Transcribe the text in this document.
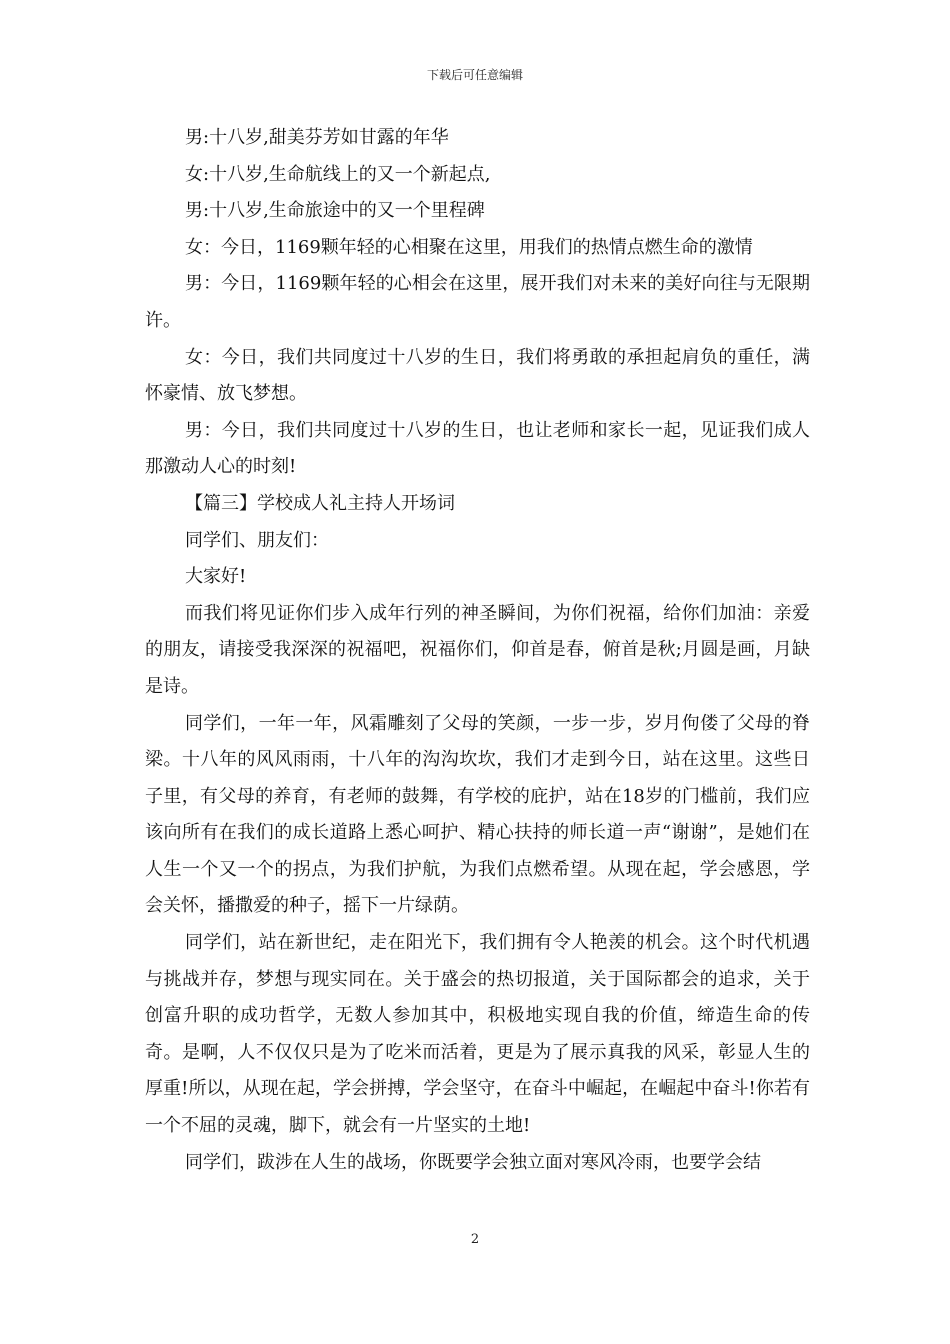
下载后可任意编辑

男:十八岁,甜美芬芳如甘露的年华

女:十八岁,生命航线上的又一个新起点,

男:十八岁,生命旅途中的又一个里程碑

女：今日，1169颗年轻的心相聚在这里，用我们的热情点燃生命的激情

男：今日，1169颗年轻的心相会在这里，展开我们对未来的美好向往与无限期许。

女：今日，我们共同度过十八岁的生日，我们将勇敢的承担起肩负的重任，满怀豪情、放飞梦想。

男：今日，我们共同度过十八岁的生日，也让老师和家长一起，见证我们成人那激动人心的时刻!

【篇三】学校成人礼主持人开场词

同学们、朋友们：

大家好!

而我们将见证你们步入成年行列的神圣瞬间，为你们祝福，给你们加油：亲爱的朋友，请接受我深深的祝福吧，祝福你们，仰首是春，俯首是秋;月圆是画，月缺是诗。

同学们，一年一年，风霜雕刻了父母的笑颜，一步一步，岁月佝偻了父母的脊梁。十八年的风风雨雨，十八年的沟沟坎坎，我们才走到今日，站在这里。这些日子里，有父母的养育，有老师的鼓舞，有学校的庇护，站在18岁的门槛前，我们应该向所有在我们的成长道路上悉心呵护、精心扶持的师长道一声“谢谢”，是她们在人生一个又一个的拐点，为我们护航，为我们点燃希望。从现在起，学会感恩，学会关怀，播撒爱的种子，摇下一片绿荫。

同学们，站在新世纪，走在阳光下，我们拥有令人艳羡的机会。这个时代机遇与挑战并存，梦想与现实同在。关于盛会的热切报道，关于国际都会的追求，关于创富升职的成功哲学，无数人参加其中，积极地实现自我的价值，缔造生命的传奇。是啊，人不仅仅只是为了吃米而活着，更是为了展示真我的风采，彰显人生的厚重!所以，从现在起，学会拼搏，学会坚守，在奋斗中崛起，在崛起中奋斗!你若有一个不屈的灵魂，脚下，就会有一片坚实的土地!

同学们，跋涉在人生的战场，你既要学会独立面对寒风冷雨，也要学会结

2
